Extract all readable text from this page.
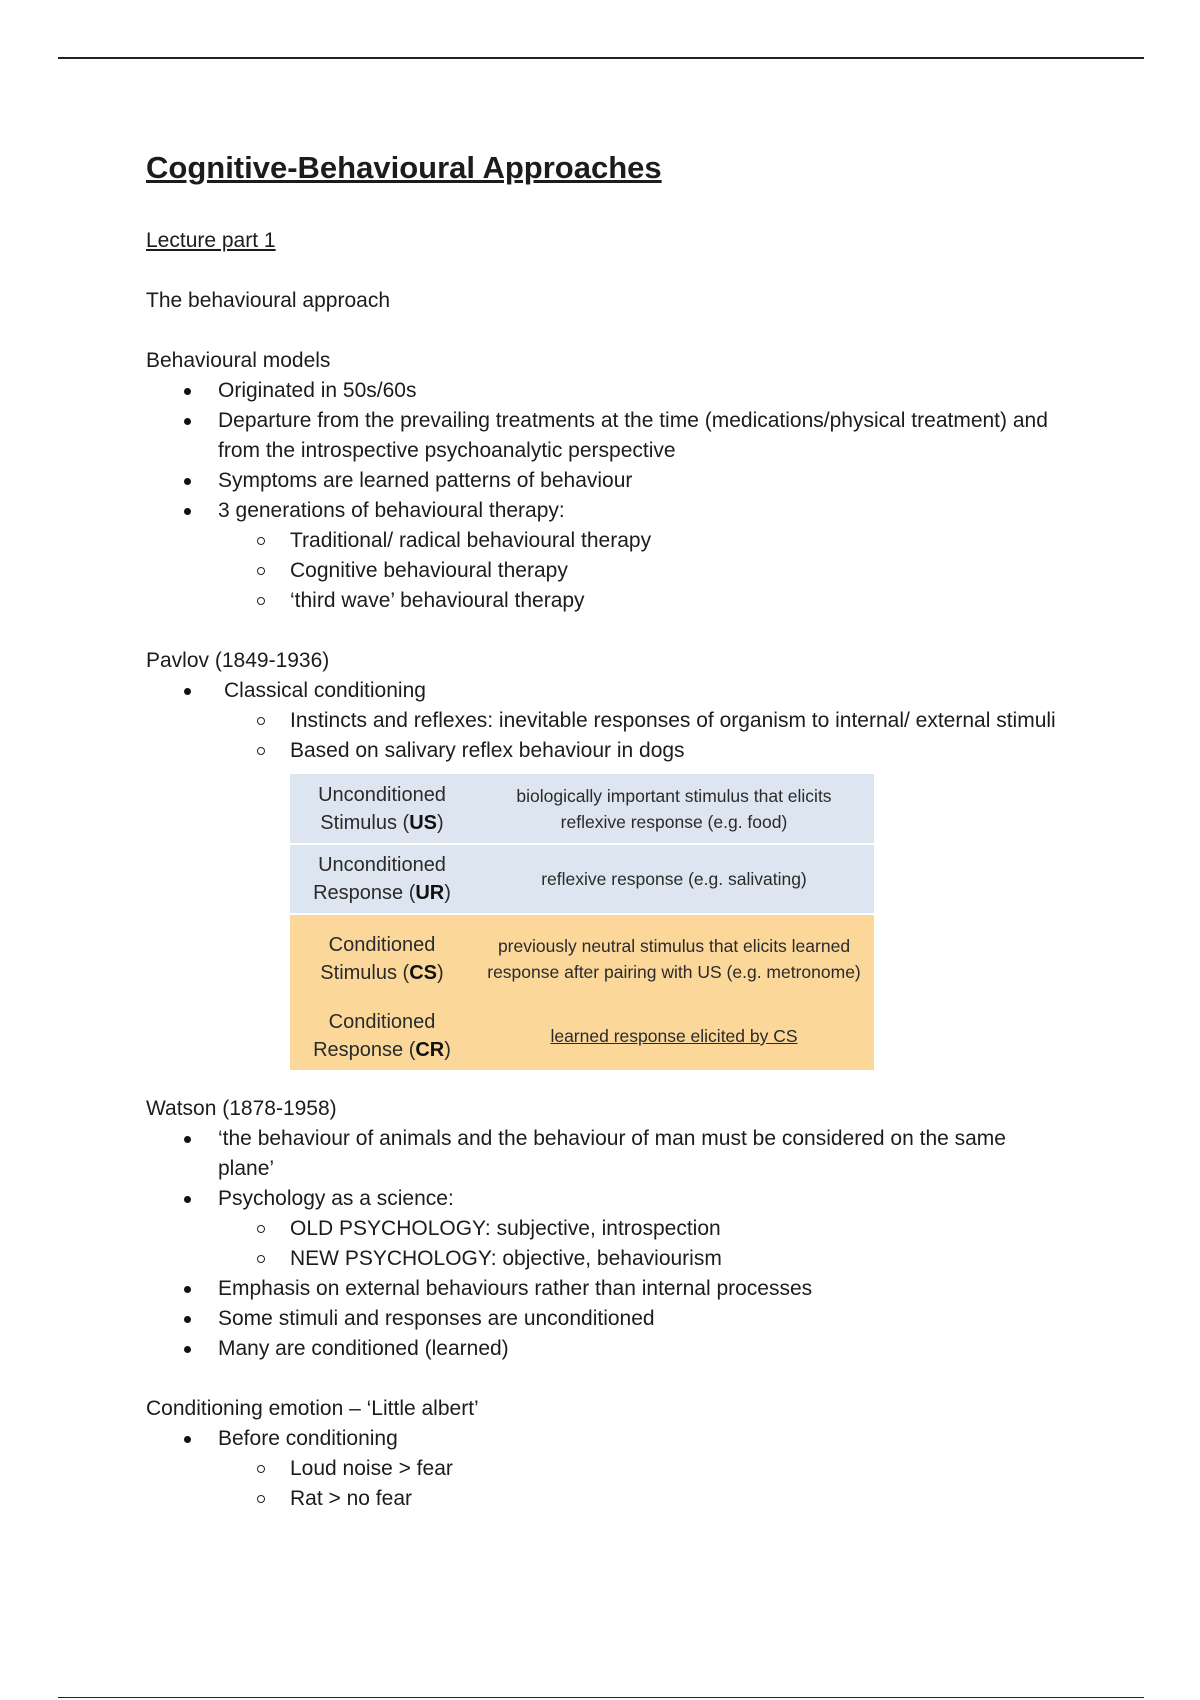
Cognitive-Behavioural Approaches
Lecture part 1
The behavioural approach
Behavioural models
Originated in 50s/60s
Departure from the prevailing treatments at the time (medications/physical treatment) and from the introspective psychoanalytic perspective
Symptoms are learned patterns of behaviour
3 generations of behavioural therapy:
Traditional/ radical behavioural therapy
Cognitive behavioural therapy
‘third wave’ behavioural therapy
Pavlov (1849-1936)
Classical conditioning
Instincts and reflexes: inevitable responses of organism to internal/ external stimuli
Based on salivary reflex behaviour in dogs
Unconditioned Stimulus (US)	biologically important stimulus that elicits reflexive response (e.g. food)
Unconditioned Response (UR)	reflexive response (e.g. salivating)
Conditioned Stimulus (CS)	previously neutral stimulus that elicits learned response after pairing with US (e.g. metronome)
Conditioned Response (CR)	learned response elicited by CS
Watson (1878-1958)
‘the behaviour of animals and the behaviour of man must be considered on the same plane’
Psychology as a science:
OLD PSYCHOLOGY: subjective, introspection
NEW PSYCHOLOGY: objective, behaviourism
Emphasis on external behaviours rather than internal processes
Some stimuli and responses are unconditioned
Many are conditioned (learned)
Conditioning emotion – ‘Little albert’
Before conditioning
Loud noise > fear
Rat > no fear
